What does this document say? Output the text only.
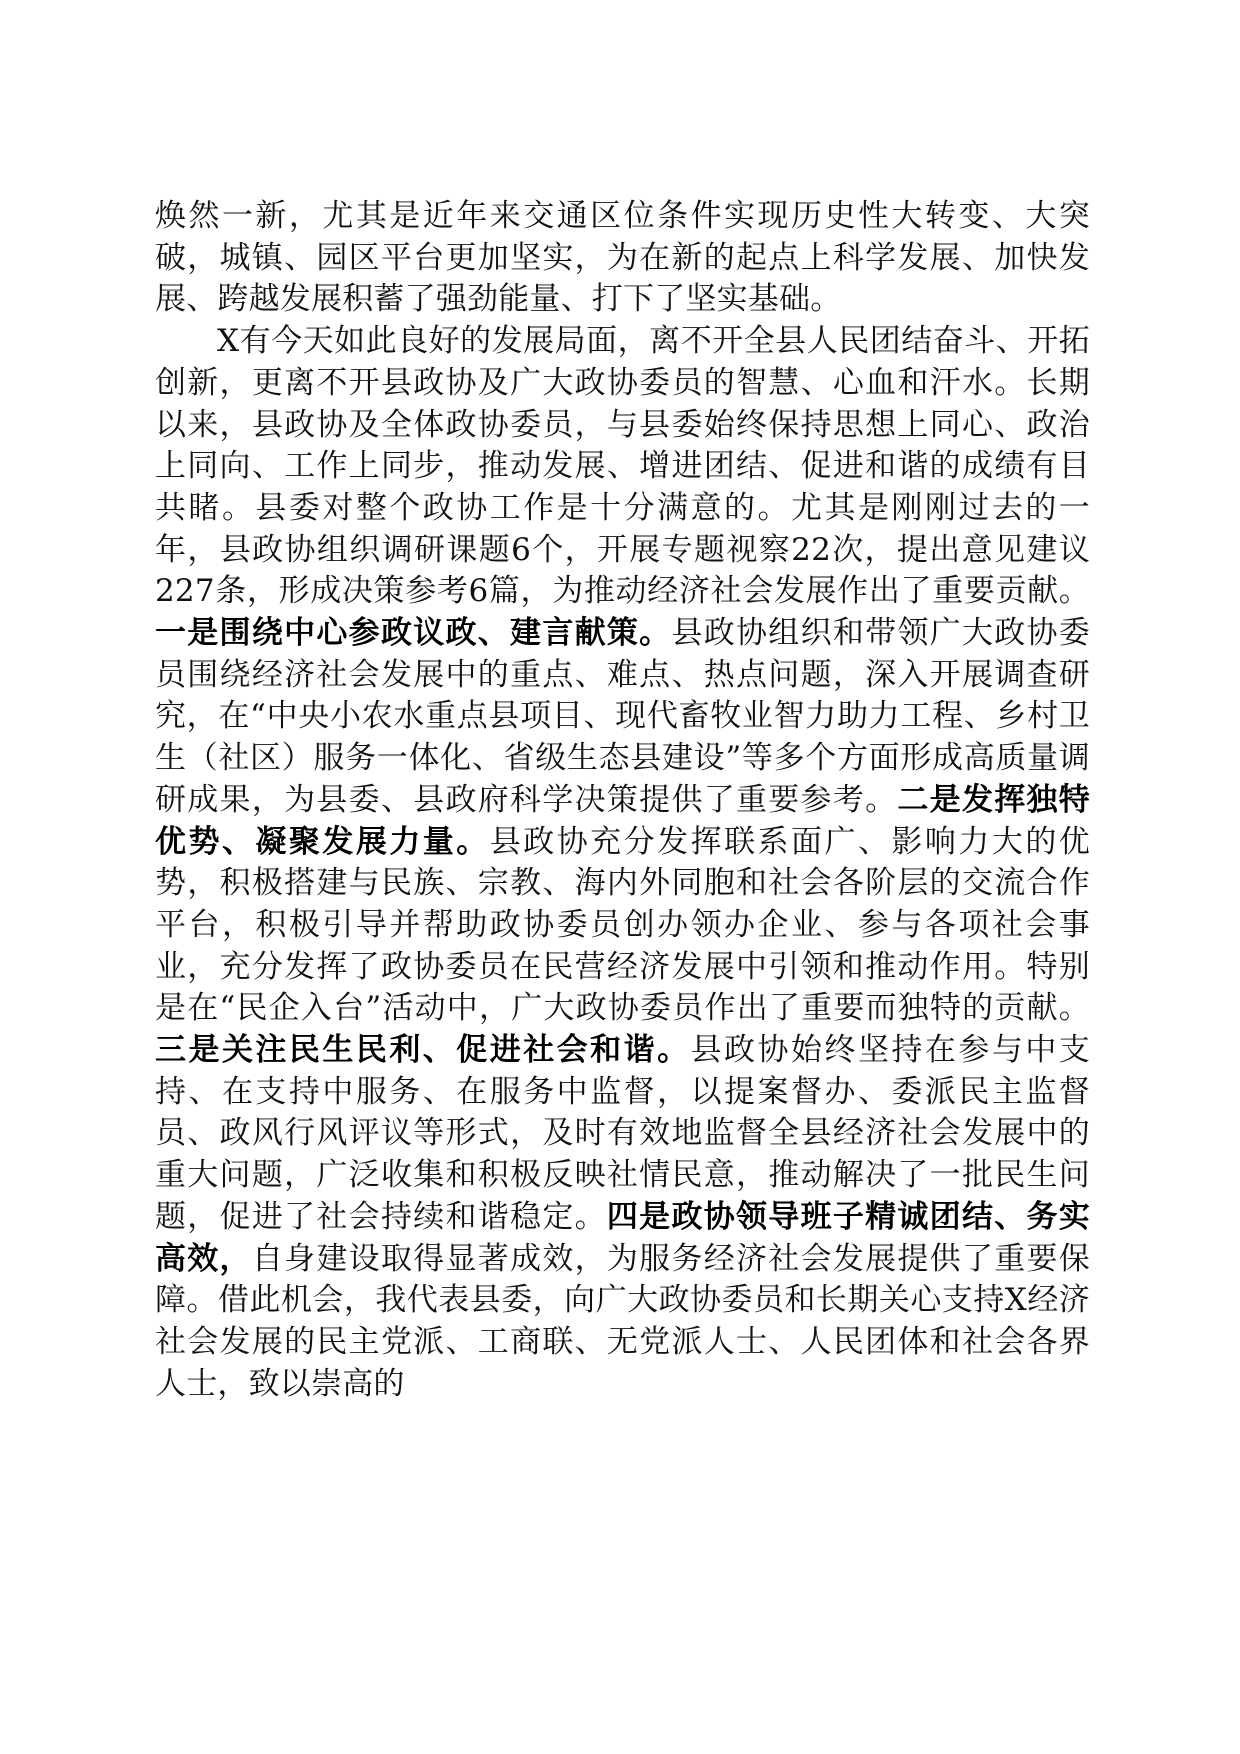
焕然一新，尤其是近年来交通区位条件实现历史性大转变、大突破，城镇、园区平台更加坚实，为在新的起点上科学发展、加快发展、跨越发展积蓄了强劲能量、打下了坚实基础。

X有今天如此良好的发展局面，离不开全县人民团结奋斗、开拓创新，更离不开县政协及广大政协委员的智慧、心血和汗水。长期以来，县政协及全体政协委员，与县委始终保持思想上同心、政治上同向、工作上同步，推动发展、增进团结、促进和谐的成绩有目共睹。县委对整个政协工作是十分满意的。尤其是刚刚过去的一年，县政协组织调研课题6个，开展专题视察22次，提出意见建议227条，形成决策参考6篇，为推动经济社会发展作出了重要贡献。一是围绕中心参政议政、建言献策。县政协组织和带领广大政协委员围绕经济社会发展中的重点、难点、热点问题，深入开展调查研究，在“中央小农水重点县项目、现代畜牧业智力助力工程、乡村卫生（社区）服务一体化、省级生态县建设”等多个方面形成高质量调研成果，为县委、县政府科学决策提供了重要参考。二是发挥独特优势、凝聚发展力量。县政协充分发挥联系面广、影响力大的优势，积极搭建与民族、宗教、海内外同胞和社会各阶层的交流合作平台，积极引导并帮助政协委员创办领办企业、参与各项社会事业，充分发挥了政协委员在民营经济发展中引领和推动作用。特别是在“民企入台”活动中，广大政协委员作出了重要而独特的贡献。三是关注民生民利、促进社会和谐。县政协始终坚持在参与中支持、在支持中服务、在服务中监督，以提案督办、委派民主监督员、政风行风评议等形式，及时有效地监督全县经济社会发展中的重大问题，广泛收集和积极反映社情民意，推动解决了一批民生问题，促进了社会持续和谐稳定。四是政协领导班子精诚团结、务实高效，自身建设取得显著成效，为服务经济社会发展提供了重要保障。借此机会，我代表县委，向广大政协委员和长期关心支持X经济社会发展的民主党派、工商联、无党派人士、人民团体和社会各界人士，致以崇高的
